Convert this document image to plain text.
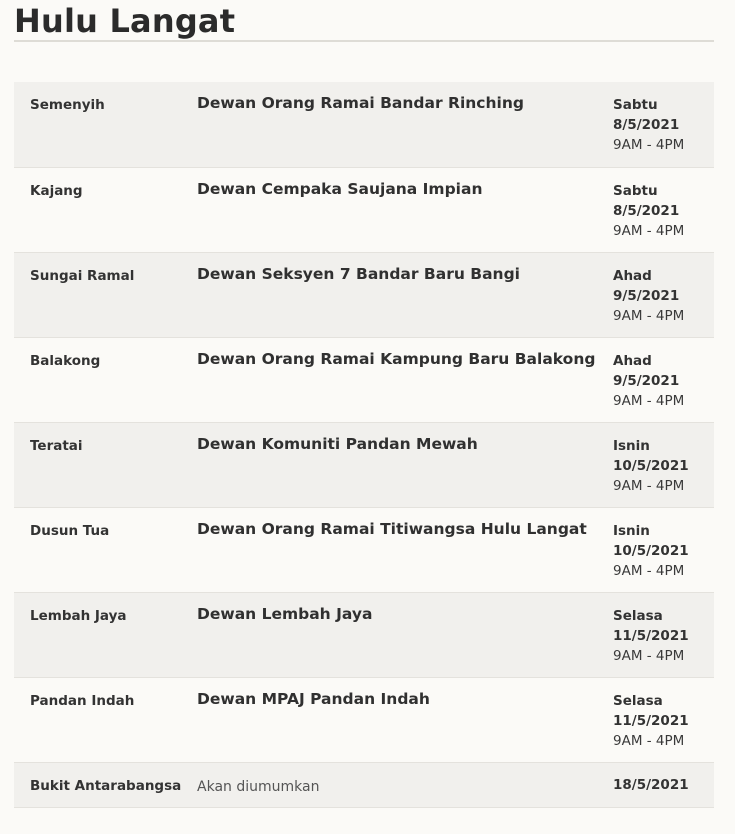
Hulu Langat
Semenyih	Dewan Orang Ramai Bandar Rinching	Sabtu
8/5/2021
9AM - 4PM

Kajang	Dewan Cempaka Saujana Impian	Sabtu
8/5/2021
9AM - 4PM

Sungai Ramal	Dewan Seksyen 7 Bandar Baru Bangi	Ahad
9/5/2021
9AM - 4PM

Balakong	Dewan Orang Ramai Kampung Baru Balakong	Ahad
9/5/2021
9AM - 4PM

Teratai	Dewan Komuniti Pandan Mewah	Isnin
10/5/2021
9AM - 4PM

Dusun Tua	Dewan Orang Ramai Titiwangsa Hulu Langat	Isnin
10/5/2021
9AM - 4PM

Lembah Jaya	Dewan Lembah Jaya	Selasa
11/5/2021
9AM - 4PM

Pandan Indah	Dewan MPAJ Pandan Indah	Selasa
11/5/2021
9AM - 4PM

Bukit Antarabangsa	Akan diumumkan	18/5/2021
